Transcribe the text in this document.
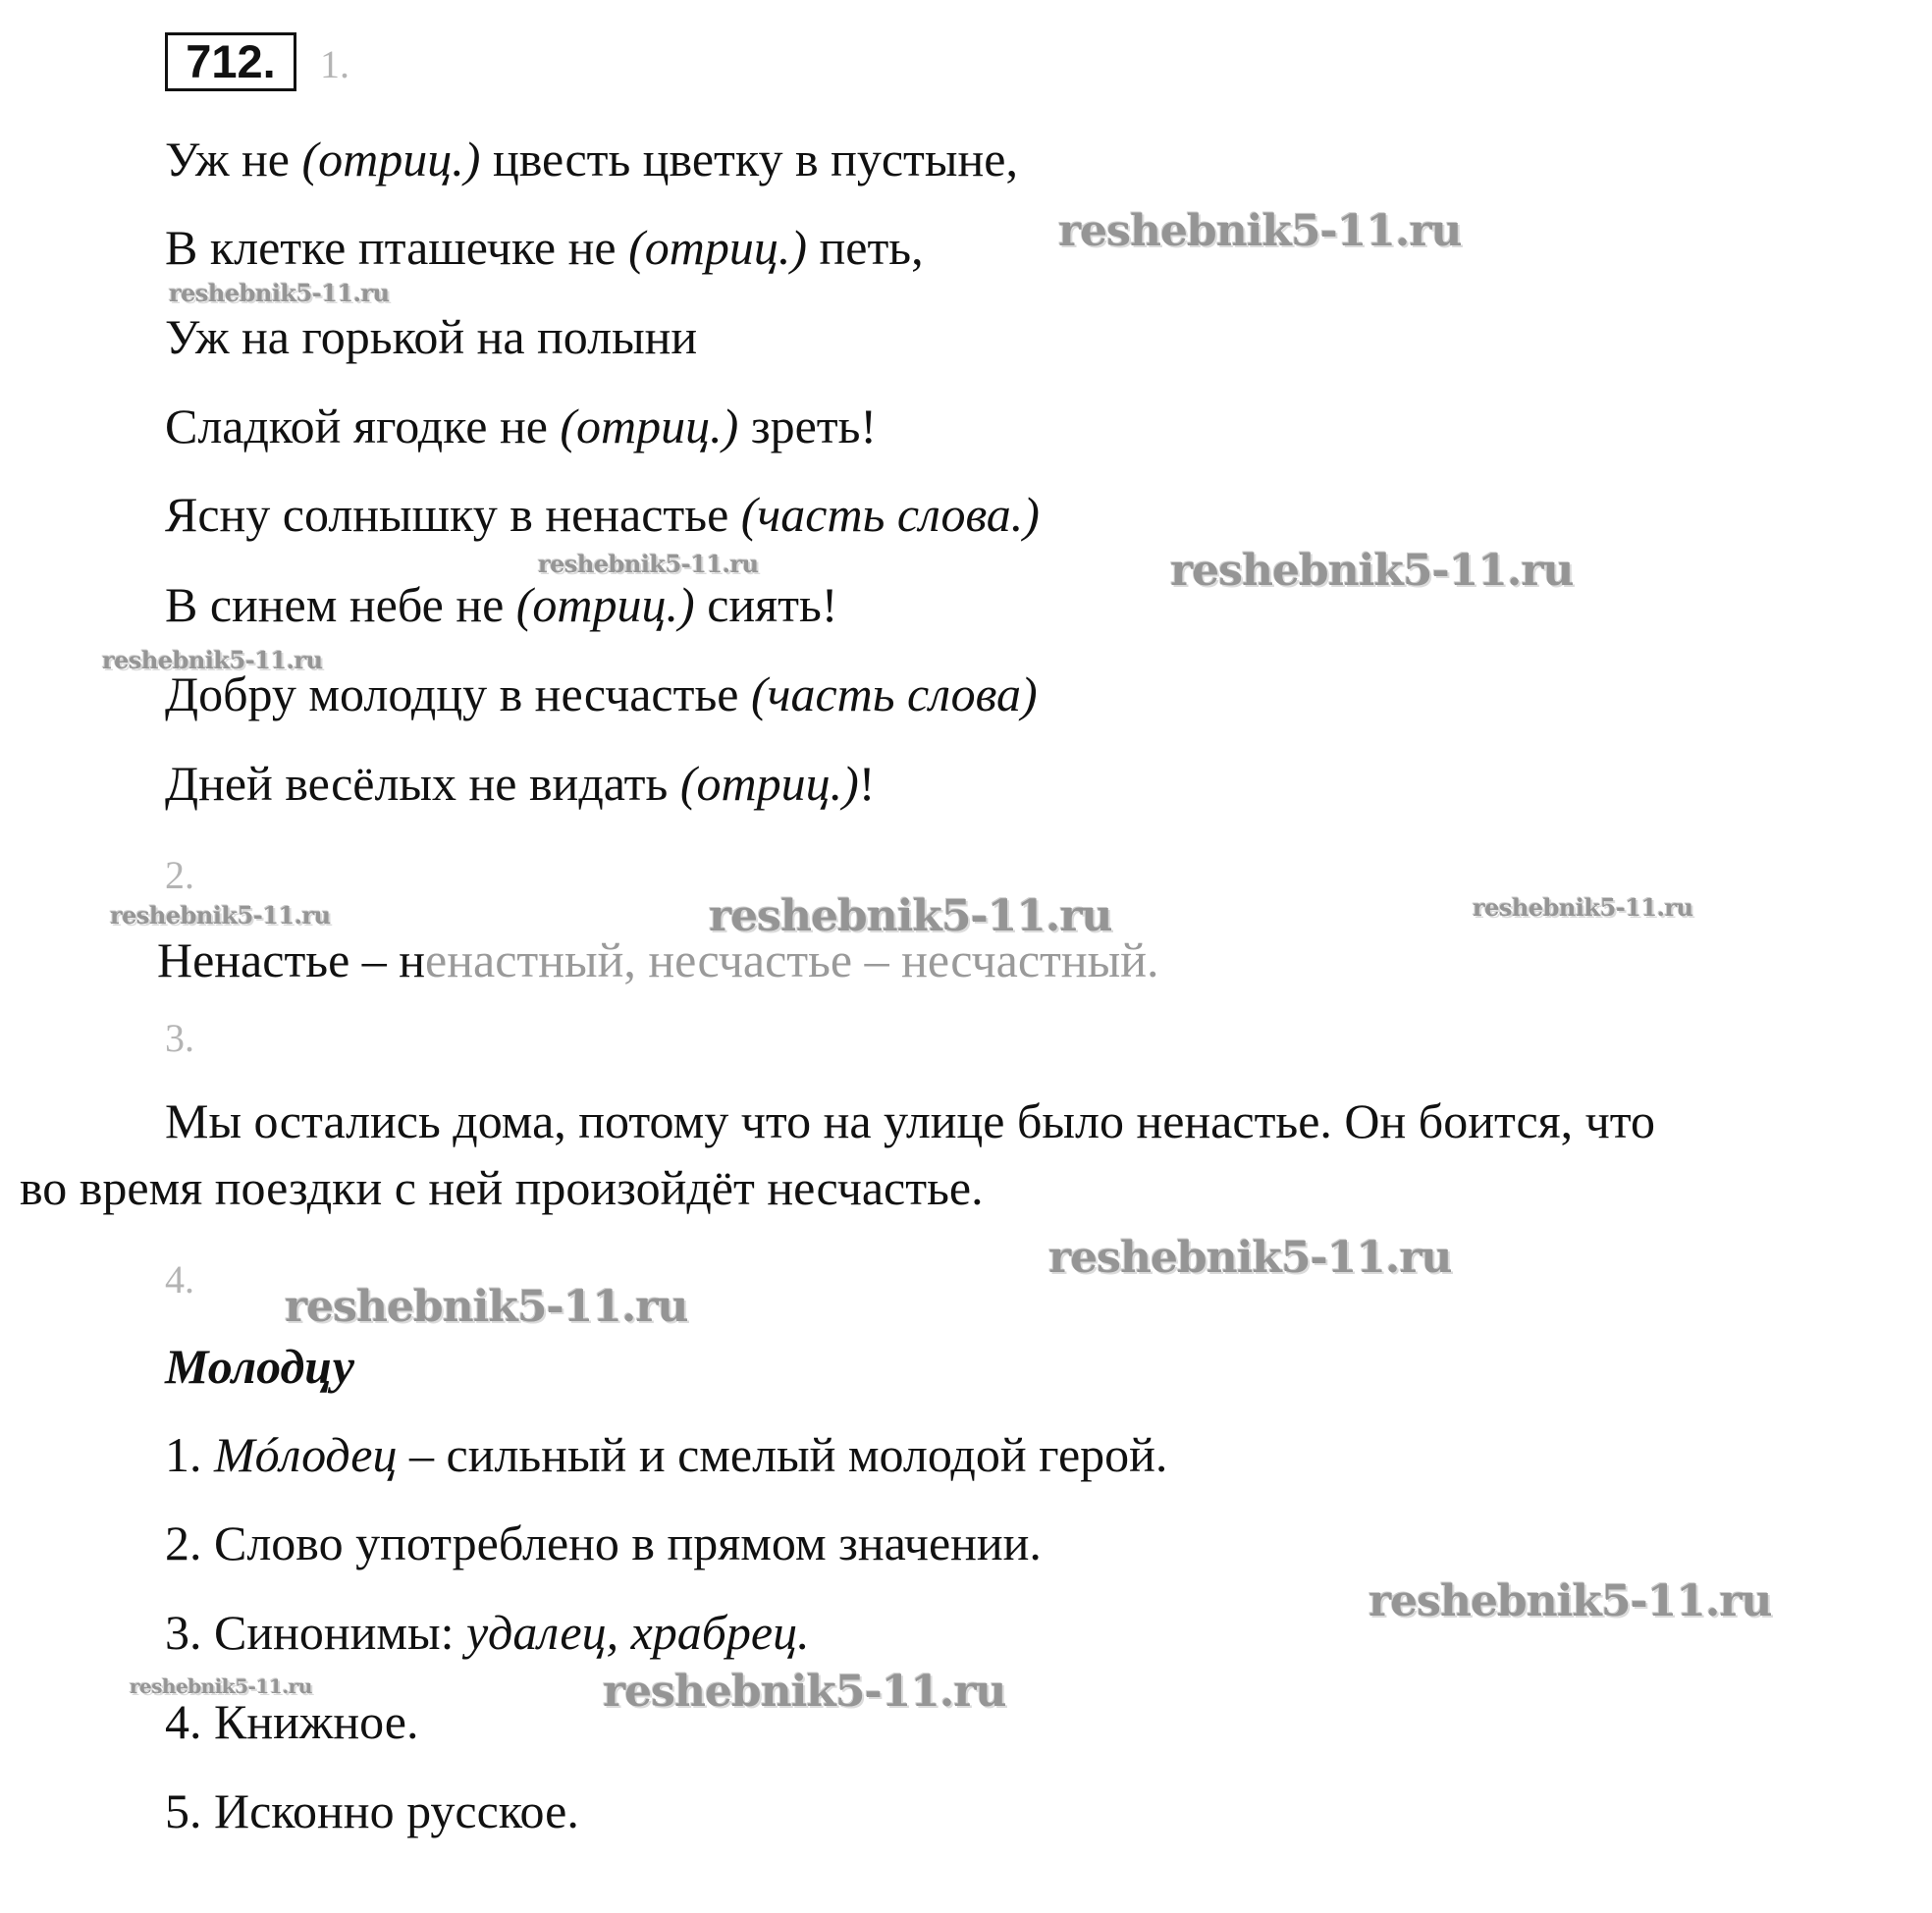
712.	1.
Уж не (отриц.) цвесть цветку в пустыне,
В клетке пташечке не (отриц.) петь,
Уж на горькой на полыни
Сладкой ягодке не (отриц.) зреть!
Ясну солнышку в ненастье (часть слова.)
В синем небе не (отриц.) сиять!
Добру молодцу в несчастье (часть слова)
Дней весёлых не видать (отриц.)!
2.
Ненастье – ненастный, несчастье – несчастный.
3.
Мы остались дома, потому что на улице было ненастье. Он боится, что
во время поездки с ней произойдёт несчастье.
4.
Молодцу
1. Мóлодец – сильный и смелый молодой герой.
2. Слово употреблено в прямом значении.
3. Синонимы: удалец, храбрец.
4. Книжное.
5. Исконно русское.
reshebnik5-11.ru
reshebnik5-11.ru
reshebnik5-11.ru	reshebnik5-11.ru
reshebnik5-11.ru
reshebnik5-11.ru	reshebnik5-11.ru	reshebnik5-11.ru
reshebnik5-11.ru
reshebnik5-11.ru
reshebnik5-11.ru
reshebnik5-11.ru	reshebnik5-11.ru
